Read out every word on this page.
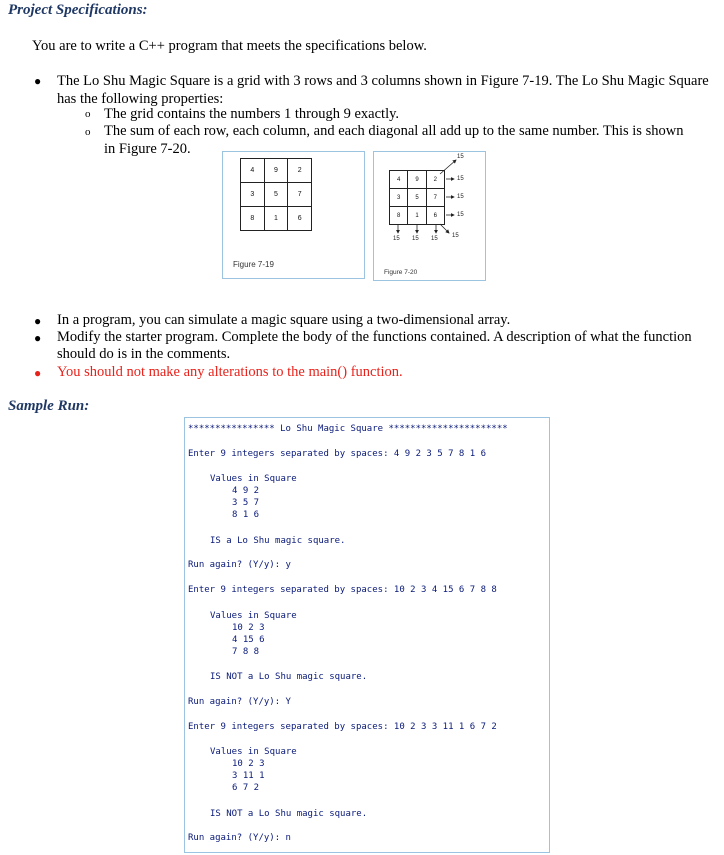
Project Specifications:
You are to write a C++ program that meets the specifications below.
● The Lo Shu Magic Square is a grid with 3 rows and 3 columns shown in Figure 7-19. The Lo Shu Magic Square
has the following properties:
o The grid contains the numbers 1 through 9 exactly.
o The sum of each row, each column, and each diagonal all add up to the same number. This is shown
in Figure 7-20.
4	9	2
3	5	7
8	1	6
Figure 7-19
4	9	2
3	5	7
8	1	6
15
15
15
15
15 15 15 15
Figure 7-20
● In a program, you can simulate a magic square using a two-dimensional array.
● Modify the starter program. Complete the body of the functions contained. A description of what the function
should do is in the comments.
● You should not make any alterations to the main() function.
Sample Run:
**************** Lo Shu Magic Square **********************
Enter 9 integers separated by spaces: 4 9 2 3 5 7 8 1 6
Values in Square
4 9 2
3 5 7
8 1 6
IS a Lo Shu magic square.
Run again? (Y/y): y
Enter 9 integers separated by spaces: 10 2 3 4 15 6 7 8 8
Values in Square
10 2 3
4 15 6
7 8 8
IS NOT a Lo Shu magic square.
Run again? (Y/y): Y
Enter 9 integers separated by spaces: 10 2 3 3 11 1 6 7 2
Values in Square
10 2 3
3 11 1
6 7 2
IS NOT a Lo Shu magic square.
Run again? (Y/y): n
